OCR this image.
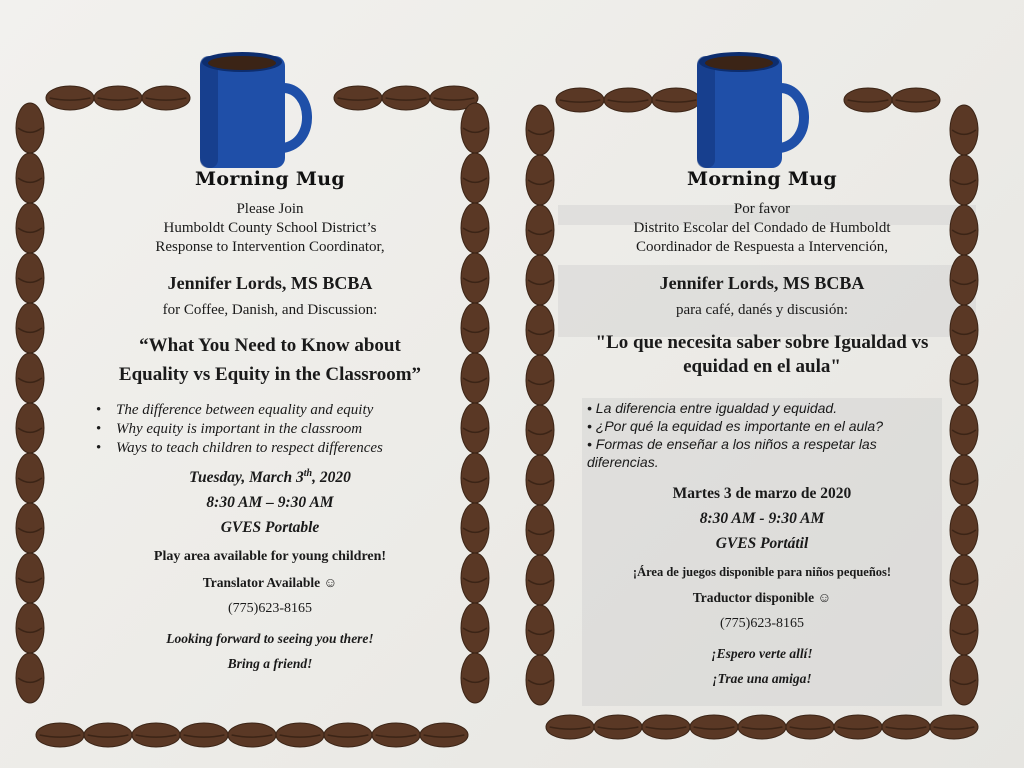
Morning Mug
Please Join
Humboldt County School District’s
Response to Intervention Coordinator,
Jennifer Lords, MS BCBA
for Coffee, Danish, and Discussion:
“What You Need to Know about
Equality vs Equity in the Classroom”
• The difference between equality and equity
• Why equity is important in the classroom
• Ways to teach children to respect differences
Tuesday, March 3th, 2020
8:30 AM – 9:30 AM
GVES Portable
Play area available for young children!
Translator Available ☺
(775)623-8165
Looking forward to seeing you there!
Bring a friend!
Morning Mug
Por favor
Distrito Escolar del Condado de Humboldt
Coordinador de Respuesta a Intervención,
Jennifer Lords, MS BCBA
para café, danés y discusión:
"Lo que necesita saber sobre Igualdad vs
equidad en el aula"
• La diferencia entre igualdad y equidad.
• ¿Por qué la equidad es importante en el aula?
• Formas de enseñar a los niños a respetar las diferencias.
Martes 3 de marzo de 2020
8:30 AM - 9:30 AM
GVES Portátil
¡Área de juegos disponible para niños pequeños!
Traductor disponible ☺
(775)623-8165
¡Espero verte allí!
¡Trae una amiga!
